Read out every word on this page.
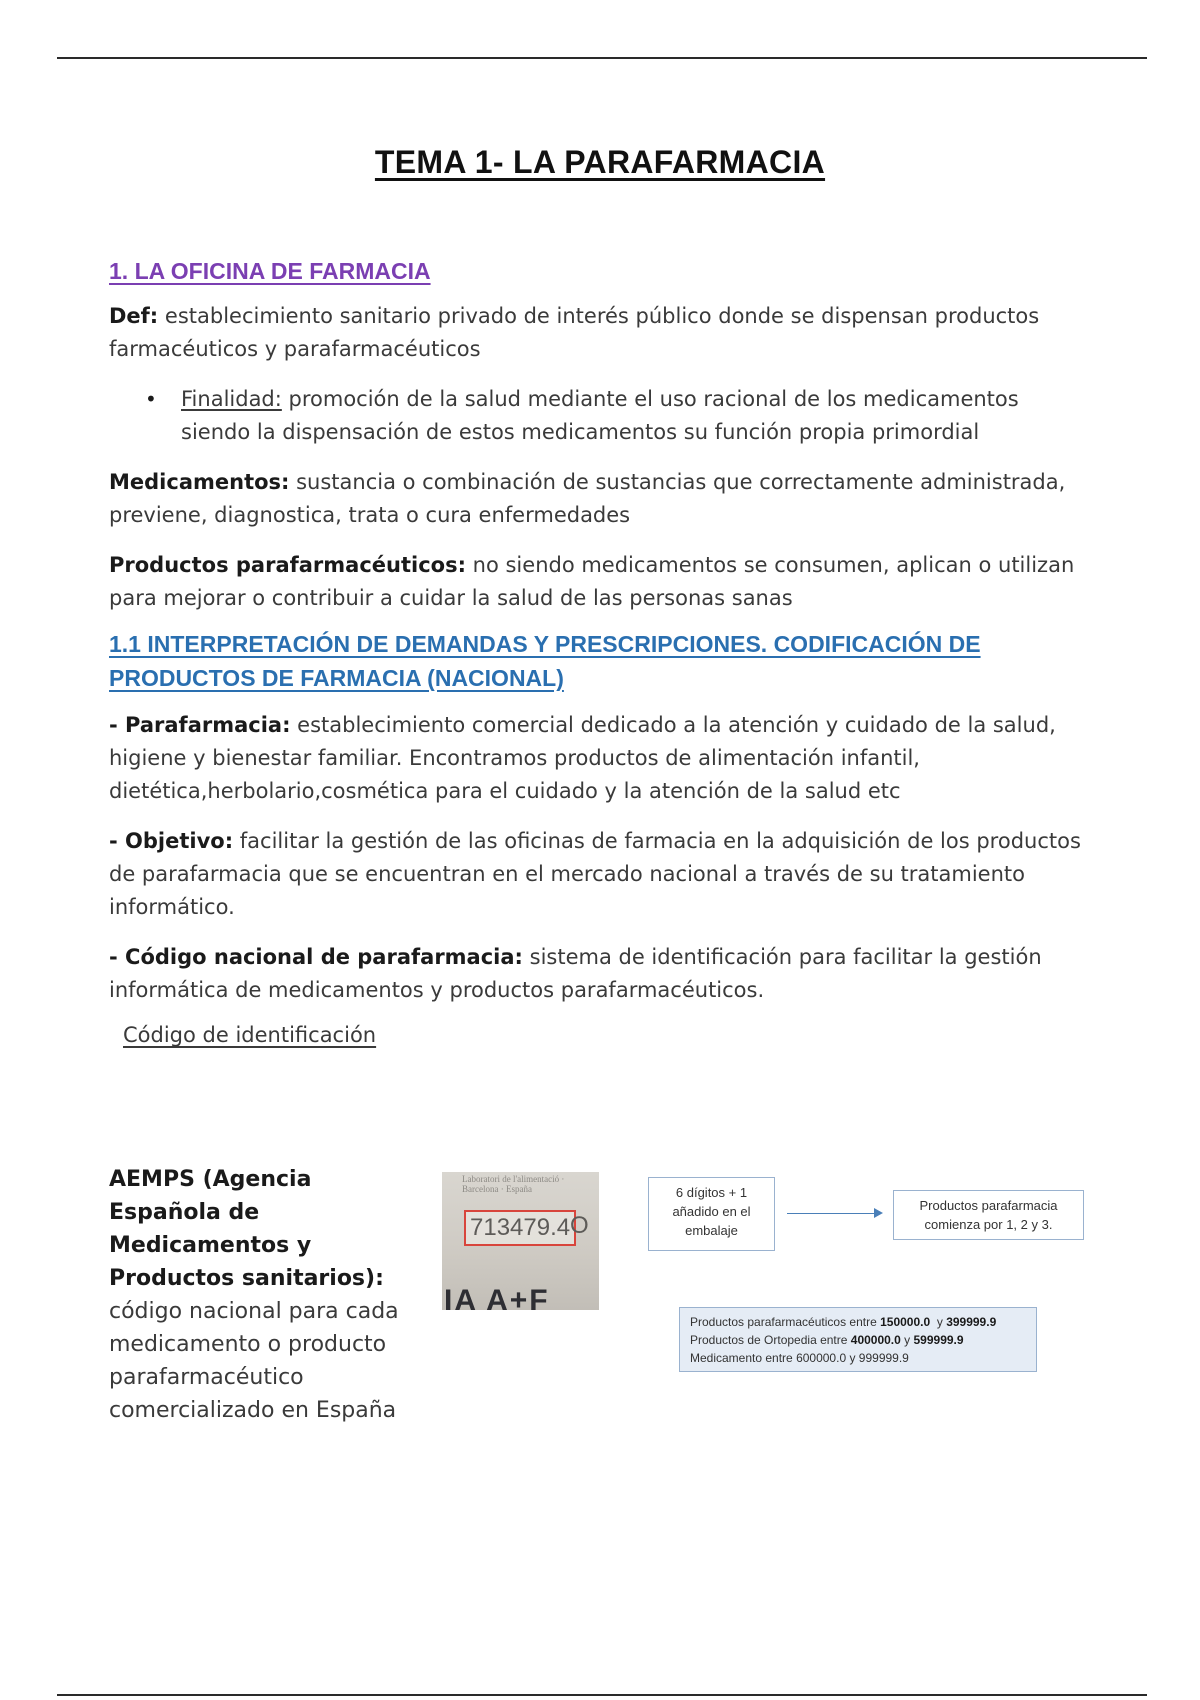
TEMA 1- LA PARAFARMACIA
1. LA OFICINA DE FARMACIA

Def: establecimiento sanitario privado de interés público donde se dispensan productos farmacéuticos y parafarmacéuticos

• Finalidad: promoción de la salud mediante el uso racional de los medicamentos siendo la dispensación de estos medicamentos su función propia primordial

Medicamentos: sustancia o combinación de sustancias que correctamente administrada, previene, diagnostica, trata o cura enfermedades

Productos parafarmacéuticos: no siendo medicamentos se consumen, aplican o utilizan para mejorar o contribuir a cuidar la salud de las personas sanas

1.1 INTERPRETACIÓN DE DEMANDAS Y PRESCRIPCIONES. CODIFICACIÓN DE PRODUCTOS DE FARMACIA (NACIONAL)

- Parafarmacia: establecimiento comercial dedicado a la atención y cuidado de la salud, higiene y bienestar familiar. Encontramos productos de alimentación infantil, dietética,herbolario,cosmética para el cuidado y la atención de la salud etc

- Objetivo: facilitar la gestión de las oficinas de farmacia en la adquisición de los productos de parafarmacia que se encuentran en el mercado nacional a través de su tratamiento informático.

- Código nacional de parafarmacia: sistema de identificación para facilitar la gestión informática de medicamentos y productos parafarmacéuticos.

Código de identificación

AEMPS (Agencia Española de Medicamentos y Productos sanitarios):

código nacional para cada medicamento o producto parafarmacéutico comercializado en España

Laboratori de l'alimentació · Barcelona · España
713479.4 O
IA A+F
6 dígitos + 1 añadido en el embalaje
Productos parafarmacia comienza por 1, 2 y 3.
Productos parafarmacéuticos entre 150000.0  y 399999.9
Productos de Ortopedia entre 400000.0 y 599999.9
Medicamento entre 600000.0 y 999999.9
